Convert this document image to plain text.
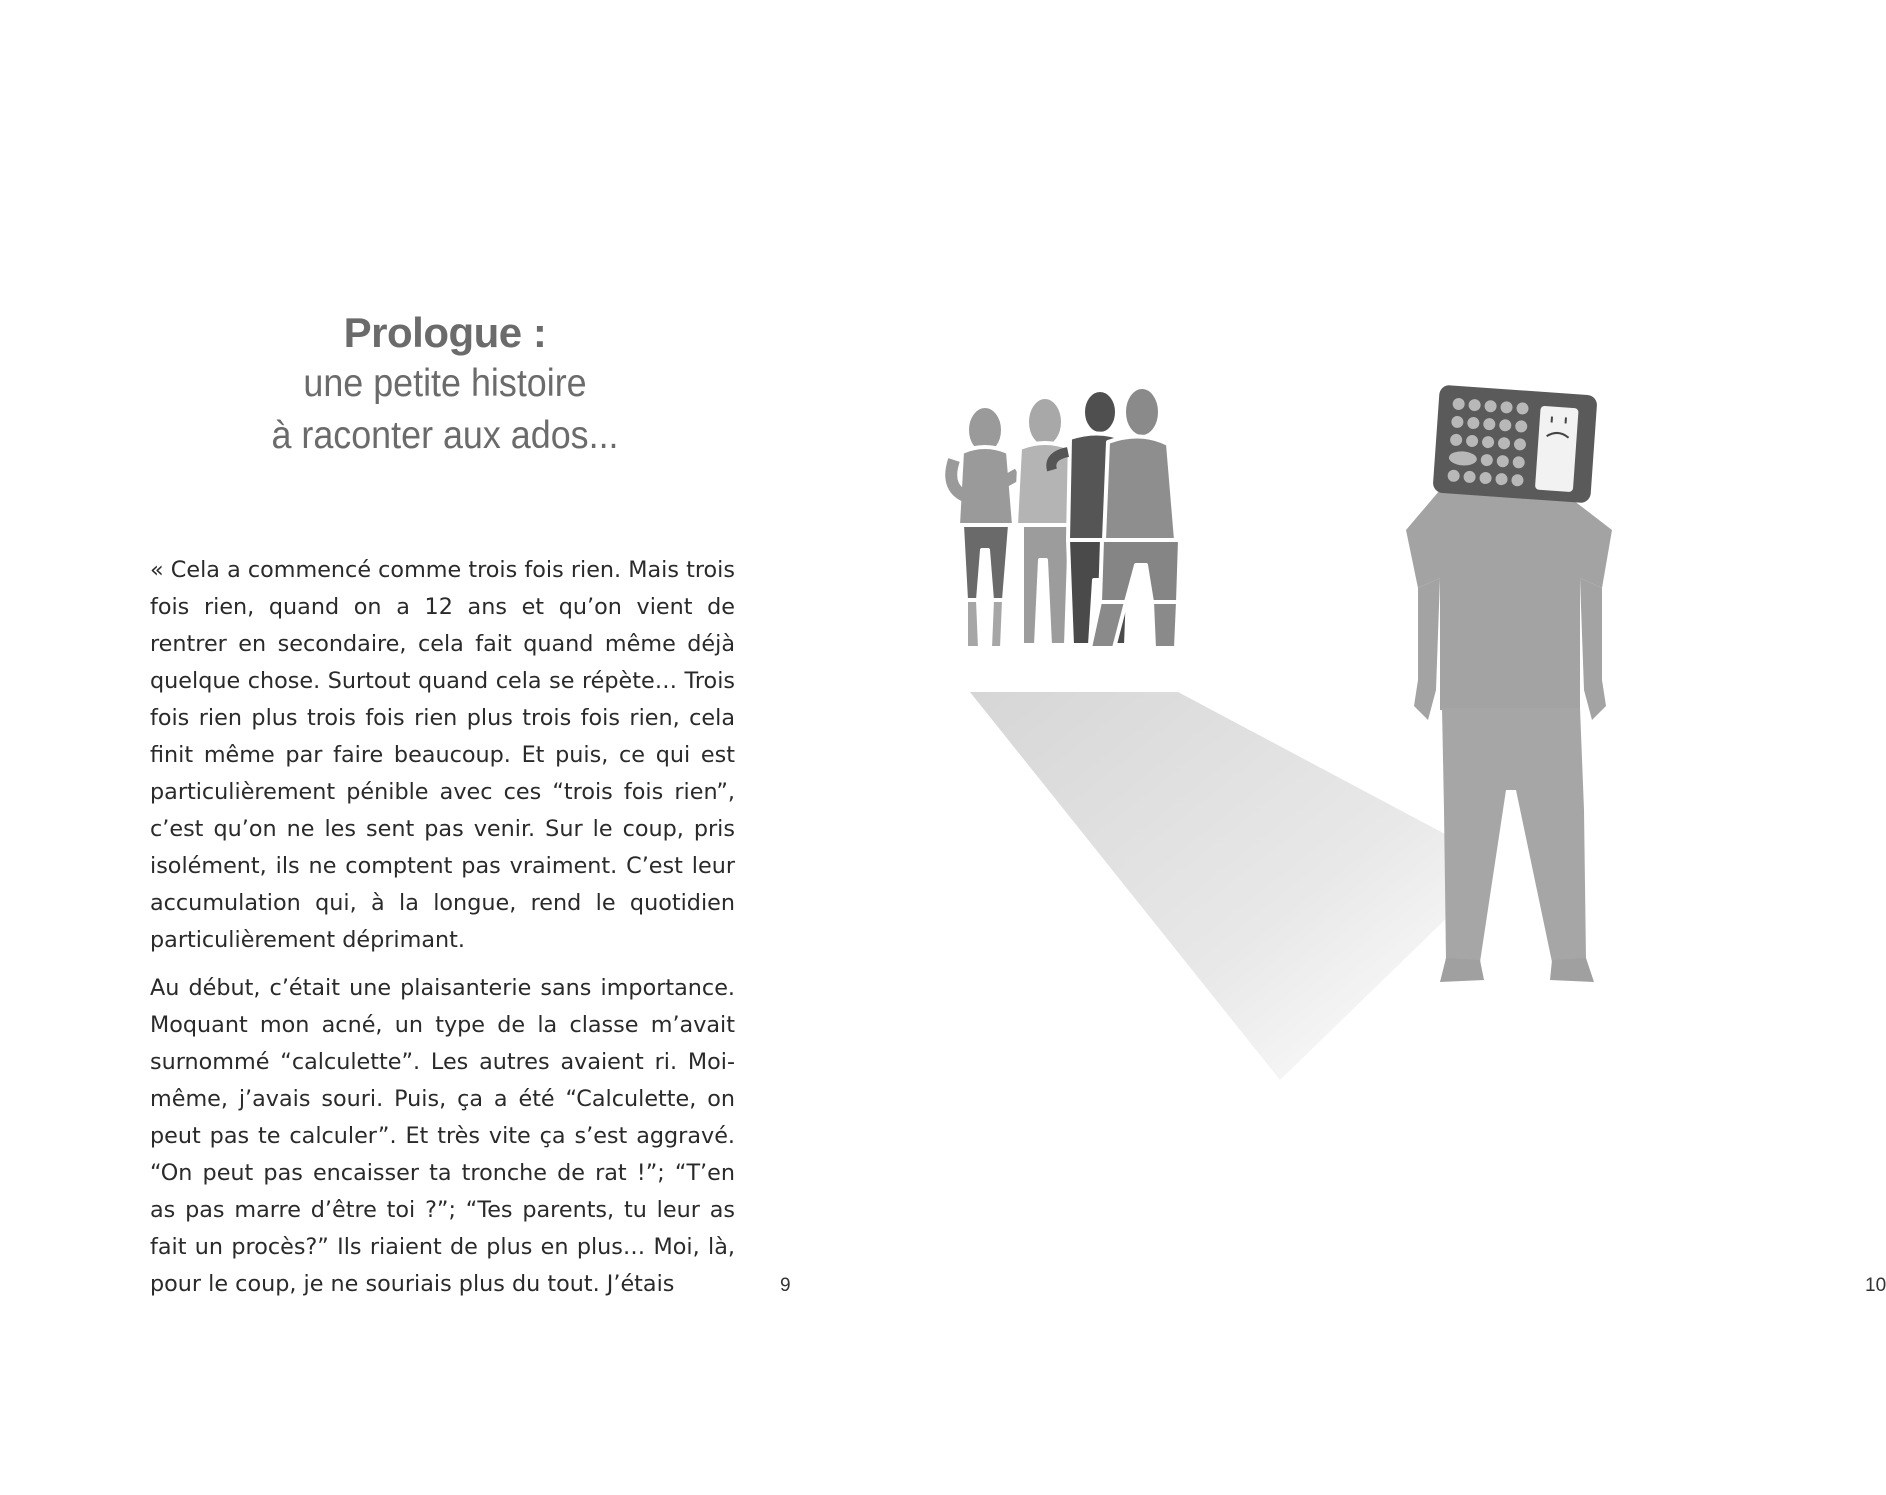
Prologue :
une petite histoire
à raconter aux ados...

« Cela a commencé comme trois fois rien. Mais trois fois rien, quand on a 12 ans et qu’on vient de rentrer en secondaire, cela fait quand même déjà quelque chose. Surtout quand cela se répète… Trois fois rien plus trois fois rien plus trois fois rien, cela finit même par faire beaucoup. Et puis, ce qui est particulièrement pénible avec ces “trois fois rien”, c’est qu’on ne les sent pas venir. Sur le coup, pris isolément, ils ne comptent pas vraiment. C’est leur accumulation qui, à la longue, rend le quotidien particulièrement déprimant.

Au début, c’était une plaisanterie sans importance. Moquant mon acné, un type de la classe m’avait surnommé “calculette”. Les autres avaient ri. Moi-même, j’avais souri. Puis, ça a été “Calculette, on peut pas te calculer”. Et très vite ça s’est aggravé. “On peut pas encaisser ta tronche de rat !”; “T’en as pas marre d’être toi ?”; “Tes parents, tu leur as fait un procès?” Ils riaient de plus en plus… Moi, là, pour le coup, je ne souriais plus du tout. J’étais	9	10
